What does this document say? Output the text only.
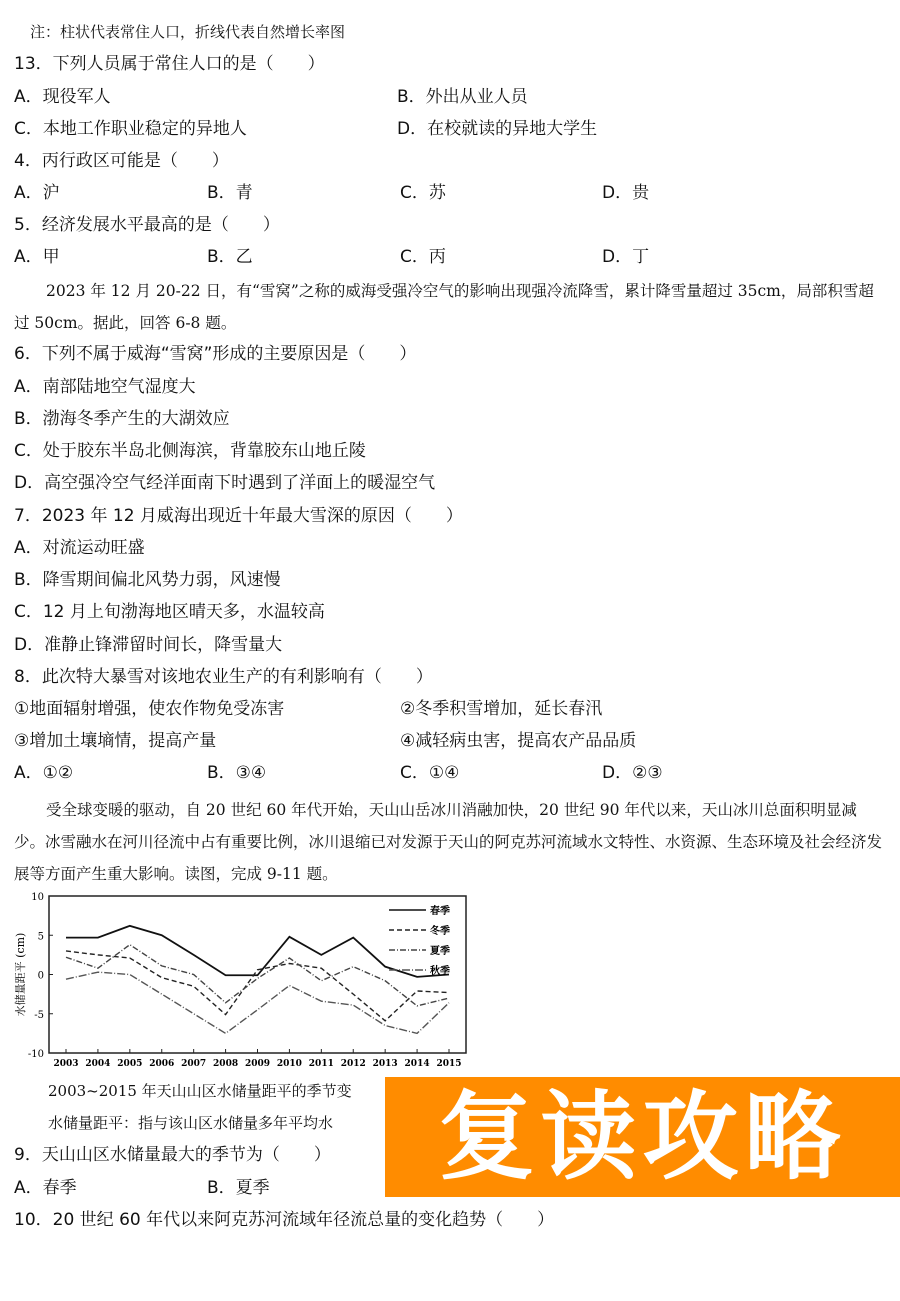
注：柱状代表常住人口，折线代表自然增长率图
13．下列人员属于常住人口的是（　　）
A．现役军人	B．外出从业人员
C．本地工作职业稳定的异地人	D．在校就读的异地大学生
4．丙行政区可能是（　　）
A．沪	B．青	C．苏	D．贵
5．经济发展水平最高的是（　　）
A．甲	B．乙	C．丙	D．丁
2023 年 12 月 20-22 日，有“雪窝”之称的威海受强冷空气的影响出现强冷流降雪，累计降雪量超过 35cm，局部积雪超过 50cm。据此，回答 6-8 题。
6．下列不属于威海“雪窝”形成的主要原因是（　　）
A．南部陆地空气湿度大
B．渤海冬季产生的大湖效应
C．处于胶东半岛北侧海滨，背靠胶东山地丘陵
D．高空强冷空气经洋面南下时遇到了洋面上的暖湿空气
7．2023 年 12 月威海出现近十年最大雪深的原因（　　）
A．对流运动旺盛
B．降雪期间偏北风势力弱，风速慢
C．12 月上旬渤海地区晴天多，水温较高
D．准静止锋滞留时间长，降雪量大
8．此次特大暴雪对该地农业生产的有利影响有（　　）
①地面辐射增强，使农作物免受冻害	②冬季积雪增加，延长春汛
③增加土壤墒情，提高产量	④减轻病虫害，提高农产品品质
A．①②	B．③④	C．①④	D．②③
受全球变暖的驱动，自 20 世纪 60 年代开始，天山山岳冰川消融加快，20 世纪 90 年代以来，天山冰川总面积明显减少。冰雪融水在河川径流中占有重要比例，冰川退缩已对发源于天山的阿克苏河流域水文特性、水资源、生态环境及社会经济发展等方面产生重大影响。读图，完成 9-11 题。
10
5
0
-5
-10
2003 2004 2005 2006 2007 2008 2009 2010 2011 2012 2013 2014 2015
水储量距平 (cm)
春季
冬季
夏季
秋季
2003~2015 年天山山区水储量距平的季节变
水储量距平：指与该山区水储量多年平均水
9．天山山区水储量最大的季节为（　　）
A．春季	B．夏季
10．20 世纪 60 年代以来阿克苏河流域年径流总量的变化趋势（　　）
复读攻略
